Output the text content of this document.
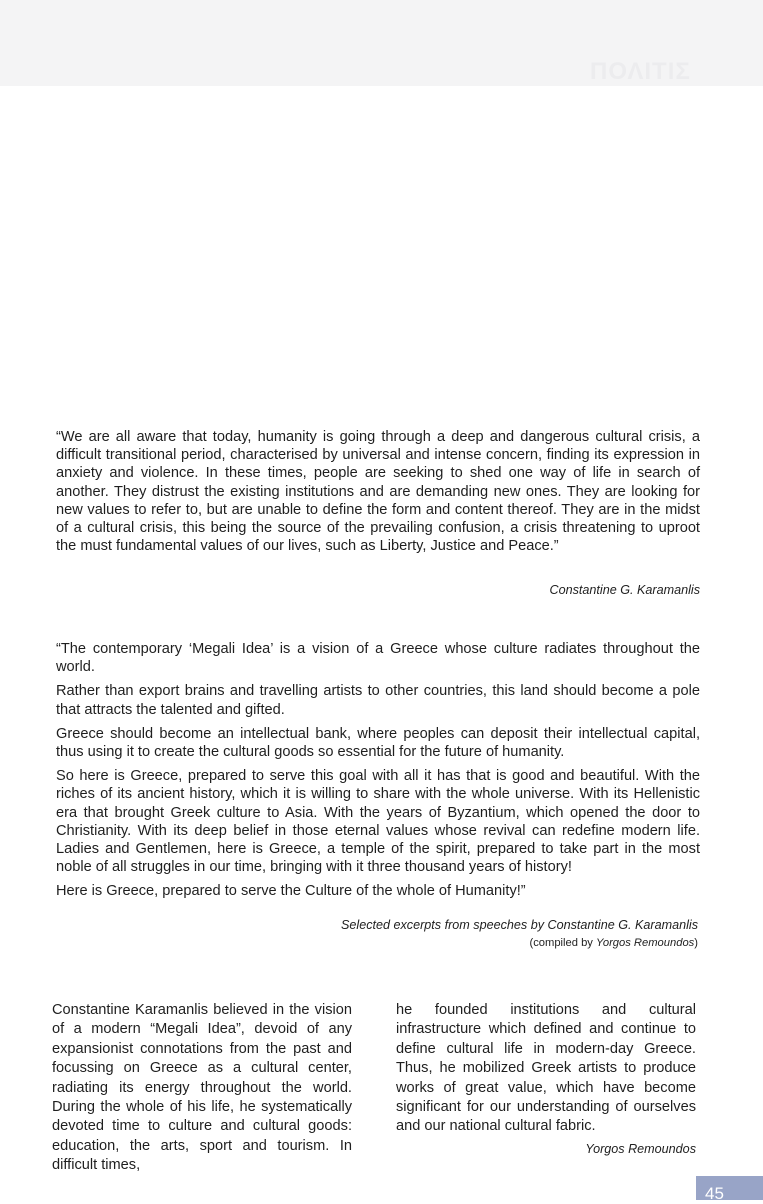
ΠΟΛΙΤΙΣ

“We are all aware that today, humanity is going through a deep and dangerous cultural crisis, a difficult transitional period, characterised by universal and intense concern, finding its expression in anxiety and violence. In these times, people are seeking to shed one way of life in search of another. They distrust the existing institutions and are demanding new ones. They are looking for new values to refer to, but are unable to define the form and content thereof. They are in the midst of a cultural crisis, this being the source of the prevailing confusion, a crisis threatening to uproot the must fundamental values of our lives, such as Liberty, Justice and Peace.”

Constantine G. Karamanlis

“The contemporary ‘Megali Idea’ is a vision of a Greece whose culture radiates throughout the world.

Rather than export brains and travelling artists to other countries, this land should become a pole that attracts the talented and gifted.

Greece should become an intellectual bank, where peoples can deposit their intellectual capital, thus using it to create the cultural goods so essential for the future of humanity.

So here is Greece, prepared to serve this goal with all it has that is good and beautiful. With the riches of its ancient history, which it is willing to share with the whole universe. With its Hellenistic era that brought Greek culture to Asia. With the years of Byzantium, which opened the door to Christianity. With its deep belief in those eternal values whose revival can redefine modern life. Ladies and Gentlemen, here is Greece, a temple of the spirit, prepared to take part in the most noble of all struggles in our time, bringing with it three thousand years of history!

Here is Greece, prepared to serve the Culture of the whole of Humanity!”

Selected excerpts from speeches by Constantine G. Karamanlis
(compiled by Yorgos Remoundos)

Constantine Karamanlis believed in the vision of a modern “Megali Idea”, devoid of any expansionist connotations from the past and focussing on Greece as a cultural center, radiating its energy throughout the world. During the whole of his life, he systematically devoted time to culture and cultural goods: education, the arts, sport and tourism. In difficult times,

he founded institutions and cultural infrastructure which defined and continue to define cultural life in modern-day Greece. Thus, he mobilized Greek artists to produce works of great value, which have become significant for our understanding of ourselves and our national cultural fabric.

Yorgos Remoundos
45
